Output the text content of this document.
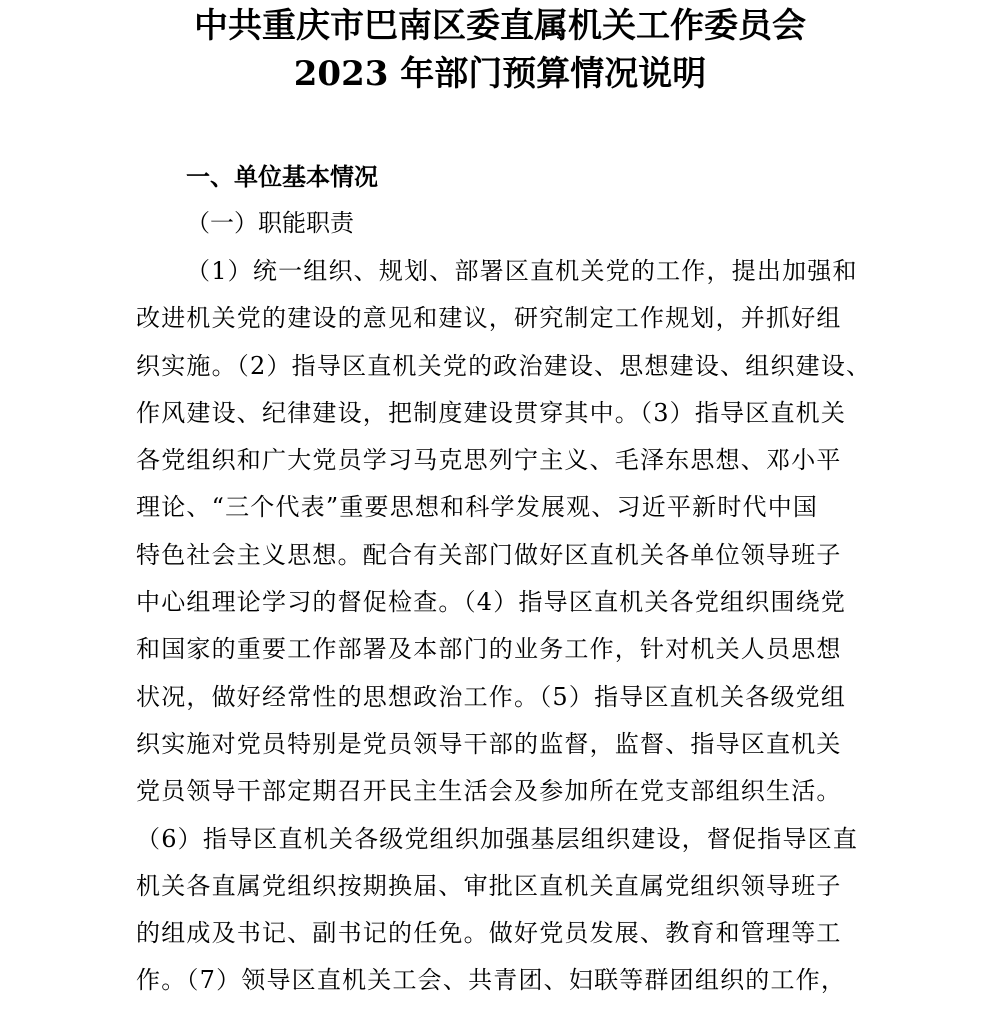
中共重庆市巴南区委直属机关工作委员会
2023 年部门预算情况说明
一、单位基本情况
（一）职能职责
（1）统一组织、规划、部署区直机关党的工作，提出加强和
改进机关党的建设的意见和建议，研究制定工作规划，并抓好组
织实施。（2）指导区直机关党的政治建设、思想建设、组织建设、
作风建设、纪律建设，把制度建设贯穿其中。（3）指导区直机关
各党组织和广大党员学习马克思列宁主义、毛泽东思想、邓小平
理论、“三个代表”重要思想和科学发展观、习近平新时代中国
特色社会主义思想。配合有关部门做好区直机关各单位领导班子
中心组理论学习的督促检查。（4）指导区直机关各党组织围绕党
和国家的重要工作部署及本部门的业务工作，针对机关人员思想
状况，做好经常性的思想政治工作。（5）指导区直机关各级党组
织实施对党员特别是党员领导干部的监督，监督、指导区直机关
党员领导干部定期召开民主生活会及参加所在党支部组织生活。
（6）指导区直机关各级党组织加强基层组织建设，督促指导区直
机关各直属党组织按期换届、审批区直机关直属党组织领导班子
的组成及书记、副书记的任免。做好党员发展、教育和管理等工
作。（7）领导区直机关工会、共青团、妇联等群团组织的工作，
